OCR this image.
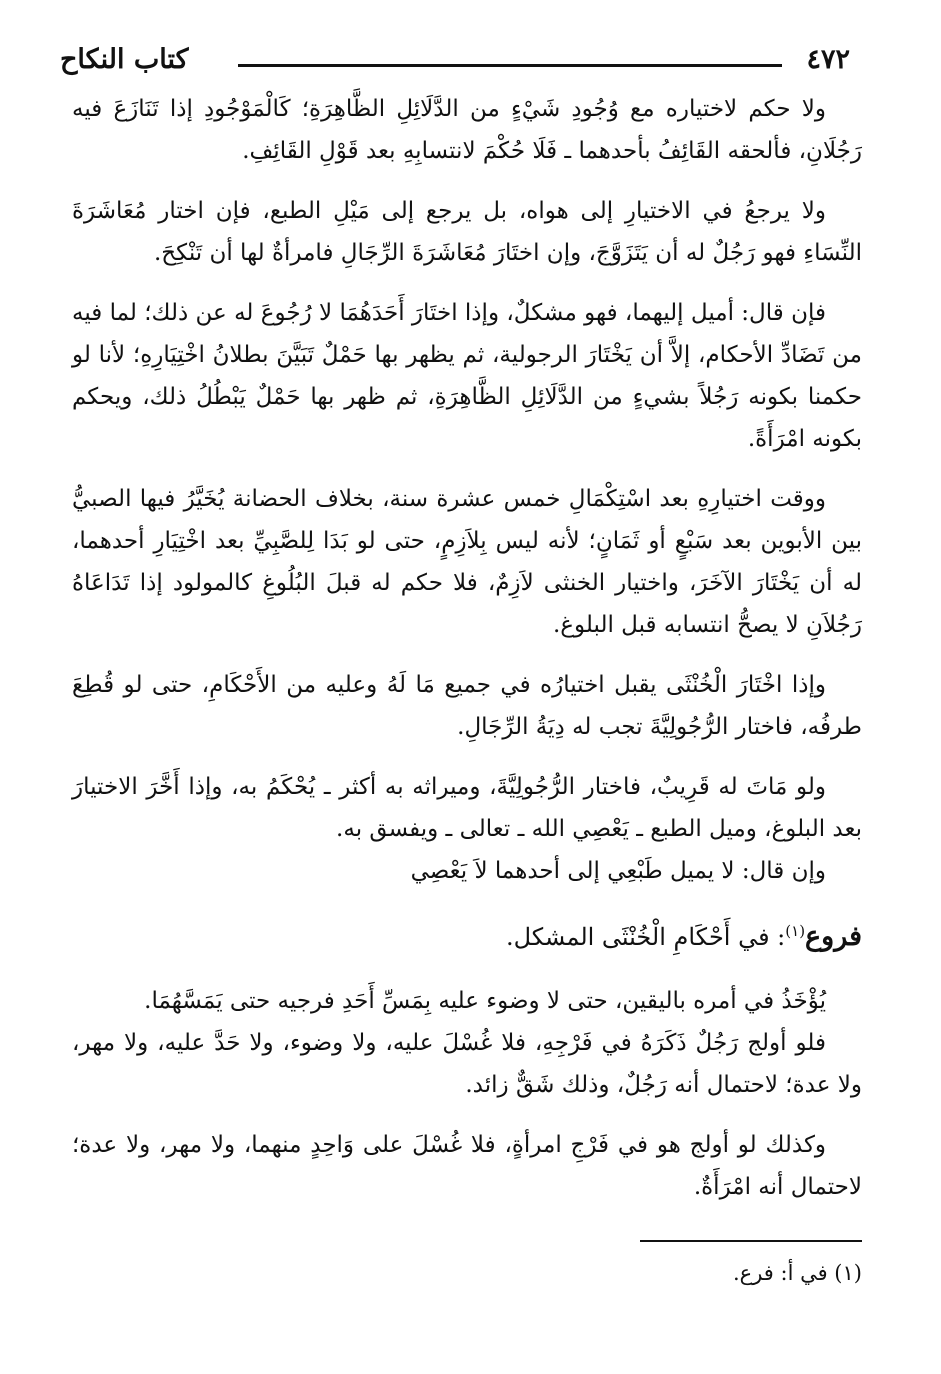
٤٧٢
كتاب النكاح

ولا حكم لاختياره مع وُجُودِ شَيْءٍ من الدَّلَائِلِ الظَّاهِرَةِ؛ كَالْمَوْجُودِ إذا تَنَازَعَ فيه رَجُلَانِ، فألحقه القَائِفُ بأحدهما ـ فَلَا حُكْمَ لانتسابِهِ بعد قَوْلِ القَائِفِ.

ولا يرجعُ في الاختيارِ إلى هواه، بل يرجع إلى مَيْلِ الطبع، فإن اختار مُعَاشَرَةَ النِّسَاءِ فهو رَجُلٌ له أن يَتَزَوَّجَ، وإن اختَارَ مُعَاشَرَةَ الرِّجَالِ فامرأةٌ لها أن تَنْكِحَ.

فإن قال: أميل إليهما، فهو مشكلٌ، وإذا اختَارَ أَحَدَهُمَا لا رُجُوعَ له عن ذلك؛ لما فيه من تَضَادِّ الأحكام، إلاَّ أن يَخْتَارَ الرجولية، ثم يظهر بها حَمْلٌ تَبَيَّنَ بطلانُ اخْتِيَارِهِ؛ لأنا لو حكمنا بكونه رَجُلاً بشيءٍ من الدَّلَائِلِ الظَّاهِرَةِ، ثم ظهر بها حَمْلٌ يَبْطُلُ ذلك، ويحكم بكونه امْرَأَةً.

ووقت اختيارِهِ بعد اسْتِكْمَالِ خمس عشرة سنة، بخلاف الحضانة يُخَيَّرُ فيها الصبيُّ بين الأبوين بعد سَبْعٍ أو ثَمَانٍ؛ لأنه ليس بِلاَزِمٍ، حتى لو بَدَا لِلصَّبِيِّ بعد اخْتِيَارِ أحدهما، له أن يَخْتَارَ الآخَرَ، واختيار الخنثى لاَزِمٌ، فلا حكم له قبلَ البُلُوغِ كالمولود إذا تَدَاعَاهُ رَجُلاَنِ لا يصحُّ انتسابه قبل البلوغ.

وإذا اخْتَارَ الْخُنْثَى يقبل اختيارُه في جميع مَا لَهُ وعليه من الأَحْكَامِ، حتى لو قُطِعَ طرفُه، فاختار الرُّجُولِيَّةَ تجب له دِيَةُ الرِّجَالِ.

ولو مَاتَ له قَرِيبٌ، فاختار الرُّجُولِيَّةَ، وميراثه به أكثر ـ يُحْكَمُ به، وإذا أَخَّرَ الاختيارَ بعد البلوغ، وميل الطبع ـ يَعْصِي الله ـ تعالى ـ ويفسق به.

وإن قال: لا يميل طَبْعِي إلى أحدهما لاَ يَعْصِي

فروع$^{(١)}$: في أَحْكَامِ الْخُنْثَى المشكل.

يُؤْخَذُ في أمره باليقين، حتى لا وضوء عليه بِمَسِّ أَحَدِ فرجيه حتى يَمَسَّهُمَا.

فلو أولج رَجُلٌ ذَكَرَهُ في فَرْجِهِ، فلا غُسْلَ عليه، ولا وضوء، ولا حَدَّ عليه، ولا مهر، ولا عدة؛ لاحتمال أنه رَجُلٌ، وذلك شَقٌّ زائد.

وكذلك لو أولج هو في فَرْجِ امرأةٍ، فلا غُسْلَ على وَاحِدٍ منهما، ولا مهر، ولا عدة؛ لاحتمال أنه امْرَأَةٌ.

(١) في أ: فرع.
